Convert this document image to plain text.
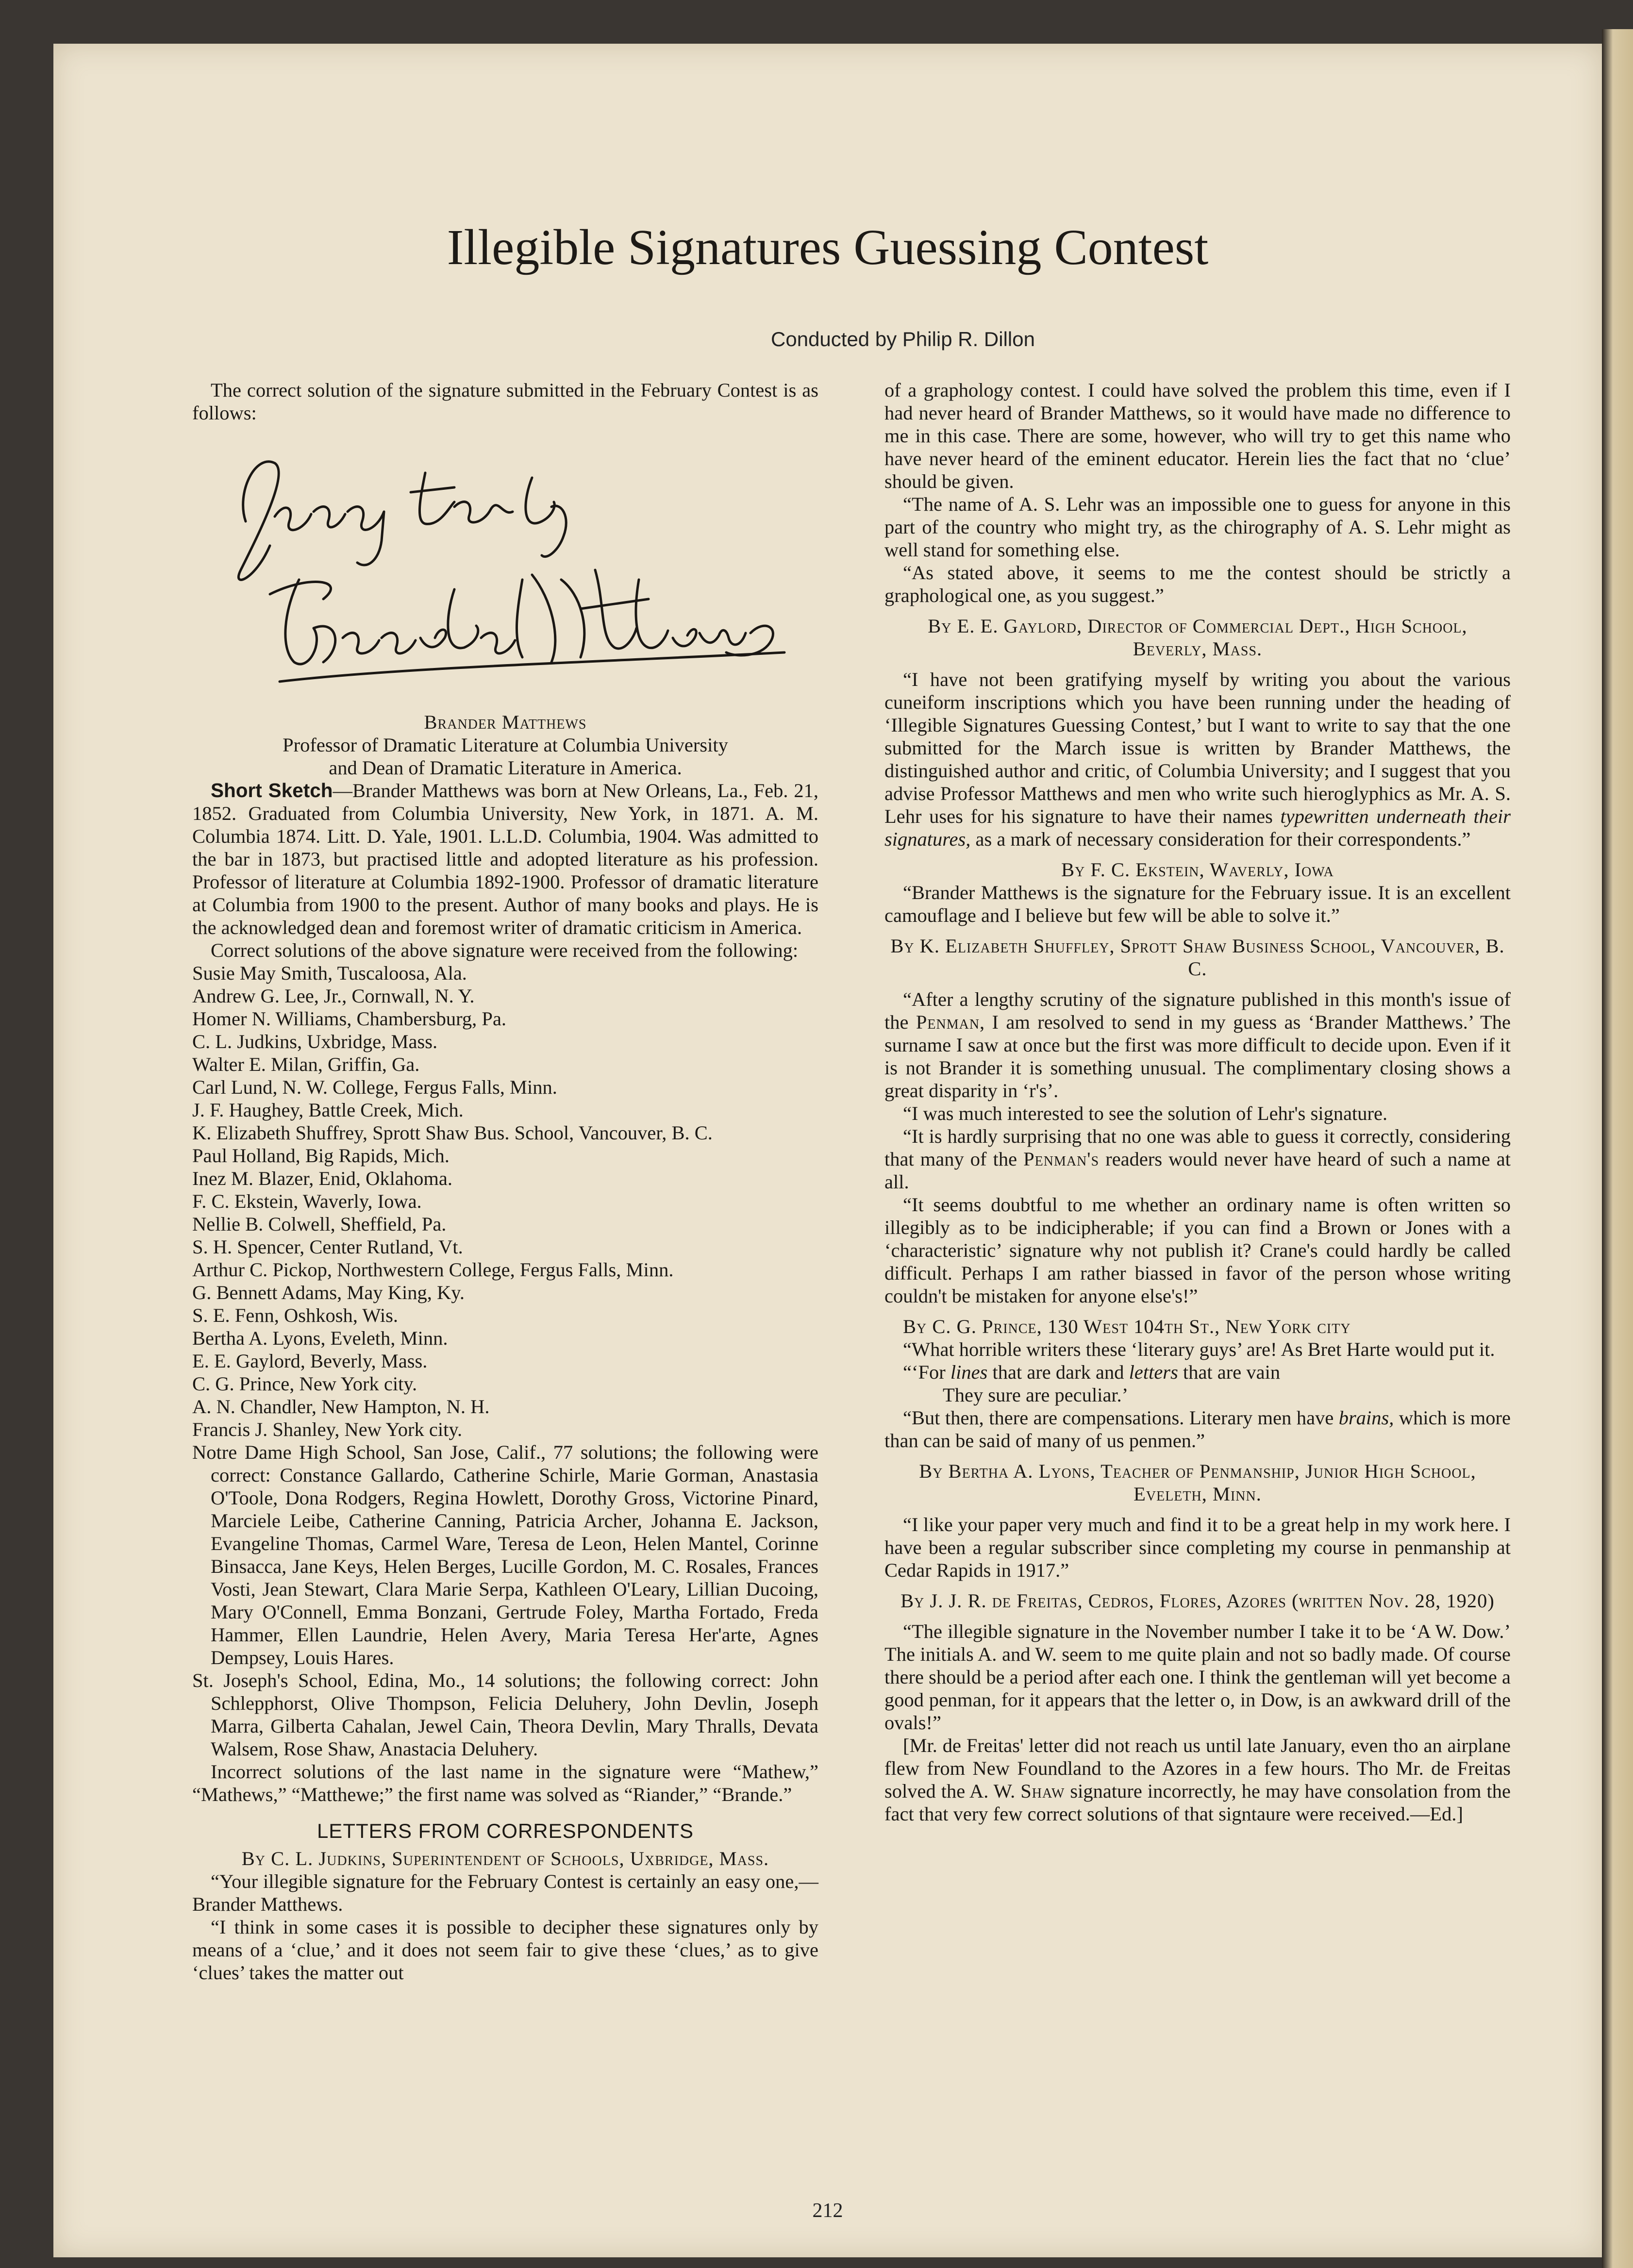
Illegible Signatures Guessing Contest
Conducted by Philip R. Dillon

The correct solution of the signature submitted in the February Contest is as follows:

Brander Matthews

Professor of Dramatic Literature at Columbia University

and Dean of Dramatic Literature in America.

Short Sketch—Brander Matthews was born at New Orleans, La., Feb. 21, 1852. Graduated from Columbia University, New York, in 1871. A. M. Columbia 1874. Litt. D. Yale, 1901. L.L.D. Columbia, 1904. Was admitted to the bar in 1873, but practised little and adopted literature as his profession. Professor of literature at Columbia 1892-1900. Professor of dramatic literature at Columbia from 1900 to the present. Author of many books and plays. He is the acknowledged dean and foremost writer of dramatic criticism in America.

Correct solutions of the above signature were received from the following:

Susie May Smith, Tuscaloosa, Ala.

Andrew G. Lee, Jr., Cornwall, N. Y.

Homer N. Williams, Chambersburg, Pa.

C. L. Judkins, Uxbridge, Mass.

Walter E. Milan, Griffin, Ga.

Carl Lund, N. W. College, Fergus Falls, Minn.

J. F. Haughey, Battle Creek, Mich.

K. Elizabeth Shuffrey, Sprott Shaw Bus. School, Vancouver, B. C.

Paul Holland, Big Rapids, Mich.

Inez M. Blazer, Enid, Oklahoma.

F. C. Ekstein, Waverly, Iowa.

Nellie B. Colwell, Sheffield, Pa.

S. H. Spencer, Center Rutland, Vt.

Arthur C. Pickop, Northwestern College, Fergus Falls, Minn.

G. Bennett Adams, May King, Ky.

S. E. Fenn, Oshkosh, Wis.

Bertha A. Lyons, Eveleth, Minn.

E. E. Gaylord, Beverly, Mass.

C. G. Prince, New York city.

A. N. Chandler, New Hampton, N. H.

Francis J. Shanley, New York city.

Notre Dame High School, San Jose, Calif., 77 solutions; the following were correct: Constance Gallardo, Catherine Schirle, Marie Gorman, Anastasia O'Toole, Dona Rodgers, Regina Howlett, Dorothy Gross, Victorine Pinard, Marciele Leibe, Catherine Canning, Patricia Archer, Johanna E. Jackson, Evangeline Thomas, Carmel Ware, Teresa de Leon, Helen Mantel, Corinne Binsacca, Jane Keys, Helen Berges, Lucille Gordon, M. C. Rosales, Frances Vosti, Jean Stewart, Clara Marie Serpa, Kathleen O'Leary, Lillian Ducoing, Mary O'Connell, Emma Bonzani, Gertrude Foley, Martha Fortado, Freda Hammer, Ellen Laundrie, Helen Avery, Maria Teresa Her'arte, Agnes Dempsey, Louis Hares.

St. Joseph's School, Edina, Mo., 14 solutions; the following correct: John Schlepphorst, Olive Thompson, Felicia Deluhery, John Devlin, Joseph Marra, Gilberta Cahalan, Jewel Cain, Theora Devlin, Mary Thralls, Devata Walsem, Rose Shaw, Anastacia Deluhery.

Incorrect solutions of the last name in the signature were “Mathew,” “Mathews,” “Matthewe;” the first name was solved as “Riander,” “Brande.”

LETTERS FROM CORRESPONDENTS

By C. L. Judkins, Superintendent of Schools, Uxbridge, Mass.

“Your illegible signature for the February Contest is certainly an easy one,—Brander Matthews.

“I think in some cases it is possible to decipher these signatures only by means of a ‘clue,’ and it does not seem fair to give these ‘clues,’ as to give ‘clues’ takes the matter out

of a graphology contest. I could have solved the problem this time, even if I had never heard of Brander Matthews, so it would have made no difference to me in this case. There are some, however, who will try to get this name who have never heard of the eminent educator. Herein lies the fact that no ‘clue’ should be given.

“The name of A. S. Lehr was an impossible one to guess for anyone in this part of the country who might try, as the chirography of A. S. Lehr might as well stand for something else.

“As stated above, it seems to me the contest should be strictly a graphological one, as you suggest.”

By E. E. Gaylord, Director of Commercial Dept., High School, Beverly, Mass.

“I have not been gratifying myself by writing you about the various cuneiform inscriptions which you have been running under the heading of ‘Illegible Signatures Guessing Contest,’ but I want to write to say that the one submitted for the March issue is written by Brander Matthews, the distinguished author and critic, of Columbia University; and I suggest that you advise Professor Matthews and men who write such hieroglyphics as Mr. A. S. Lehr uses for his signature to have their names typewritten underneath their signatures, as a mark of necessary consideration for their correspondents.”

By F. C. Ekstein, Waverly, Iowa

“Brander Matthews is the signature for the February issue. It is an excellent camouflage and I believe but few will be able to solve it.”

By K. Elizabeth Shuffley, Sprott Shaw Business School, Vancouver, B. C.

“After a lengthy scrutiny of the signature published in this month's issue of the Penman, I am resolved to send in my guess as ‘Brander Matthews.’ The surname I saw at once but the first was more difficult to decide upon. Even if it is not Brander it is something unusual. The complimentary closing shows a great disparity in ‘r's’.

“I was much interested to see the solution of Lehr's signature.

“It is hardly surprising that no one was able to guess it correctly, considering that many of the Penman's readers would never have heard of such a name at all.

“It seems doubtful to me whether an ordinary name is often written so illegibly as to be indicipherable; if you can find a Brown or Jones with a ‘characteristic’ signature why not publish it? Crane's could hardly be called difficult. Perhaps I am rather biassed in favor of the person whose writing couldn't be mistaken for anyone else's!”

By C. G. Prince, 130 West 104th St., New York city

“What horrible writers these ‘literary guys’ are! As Bret Harte would put it.

“‘For lines that are dark and letters that are vain

They sure are peculiar.’

“But then, there are compensations. Literary men have brains, which is more than can be said of many of us penmen.”

By Bertha A. Lyons, Teacher of Penmanship, Junior High School, Eveleth, Minn.

“I like your paper very much and find it to be a great help in my work here. I have been a regular subscriber since completing my course in penmanship at Cedar Rapids in 1917.”

By J. J. R. de Freitas, Cedros, Flores, Azores (written Nov. 28, 1920)

“The illegible signature in the November number I take it to be ‘A W. Dow.’ The initials A. and W. seem to me quite plain and not so badly made. Of course there should be a period after each one. I think the gentleman will yet become a good penman, for it appears that the letter o, in Dow, is an awkward drill of the ovals!”

[Mr. de Freitas' letter did not reach us until late January, even tho an airplane flew from New Foundland to the Azores in a few hours. Tho Mr. de Freitas solved the A. W. Shaw signature incorrectly, he may have consolation from the fact that very few correct solutions of that signtaure were received.—Ed.]

212
